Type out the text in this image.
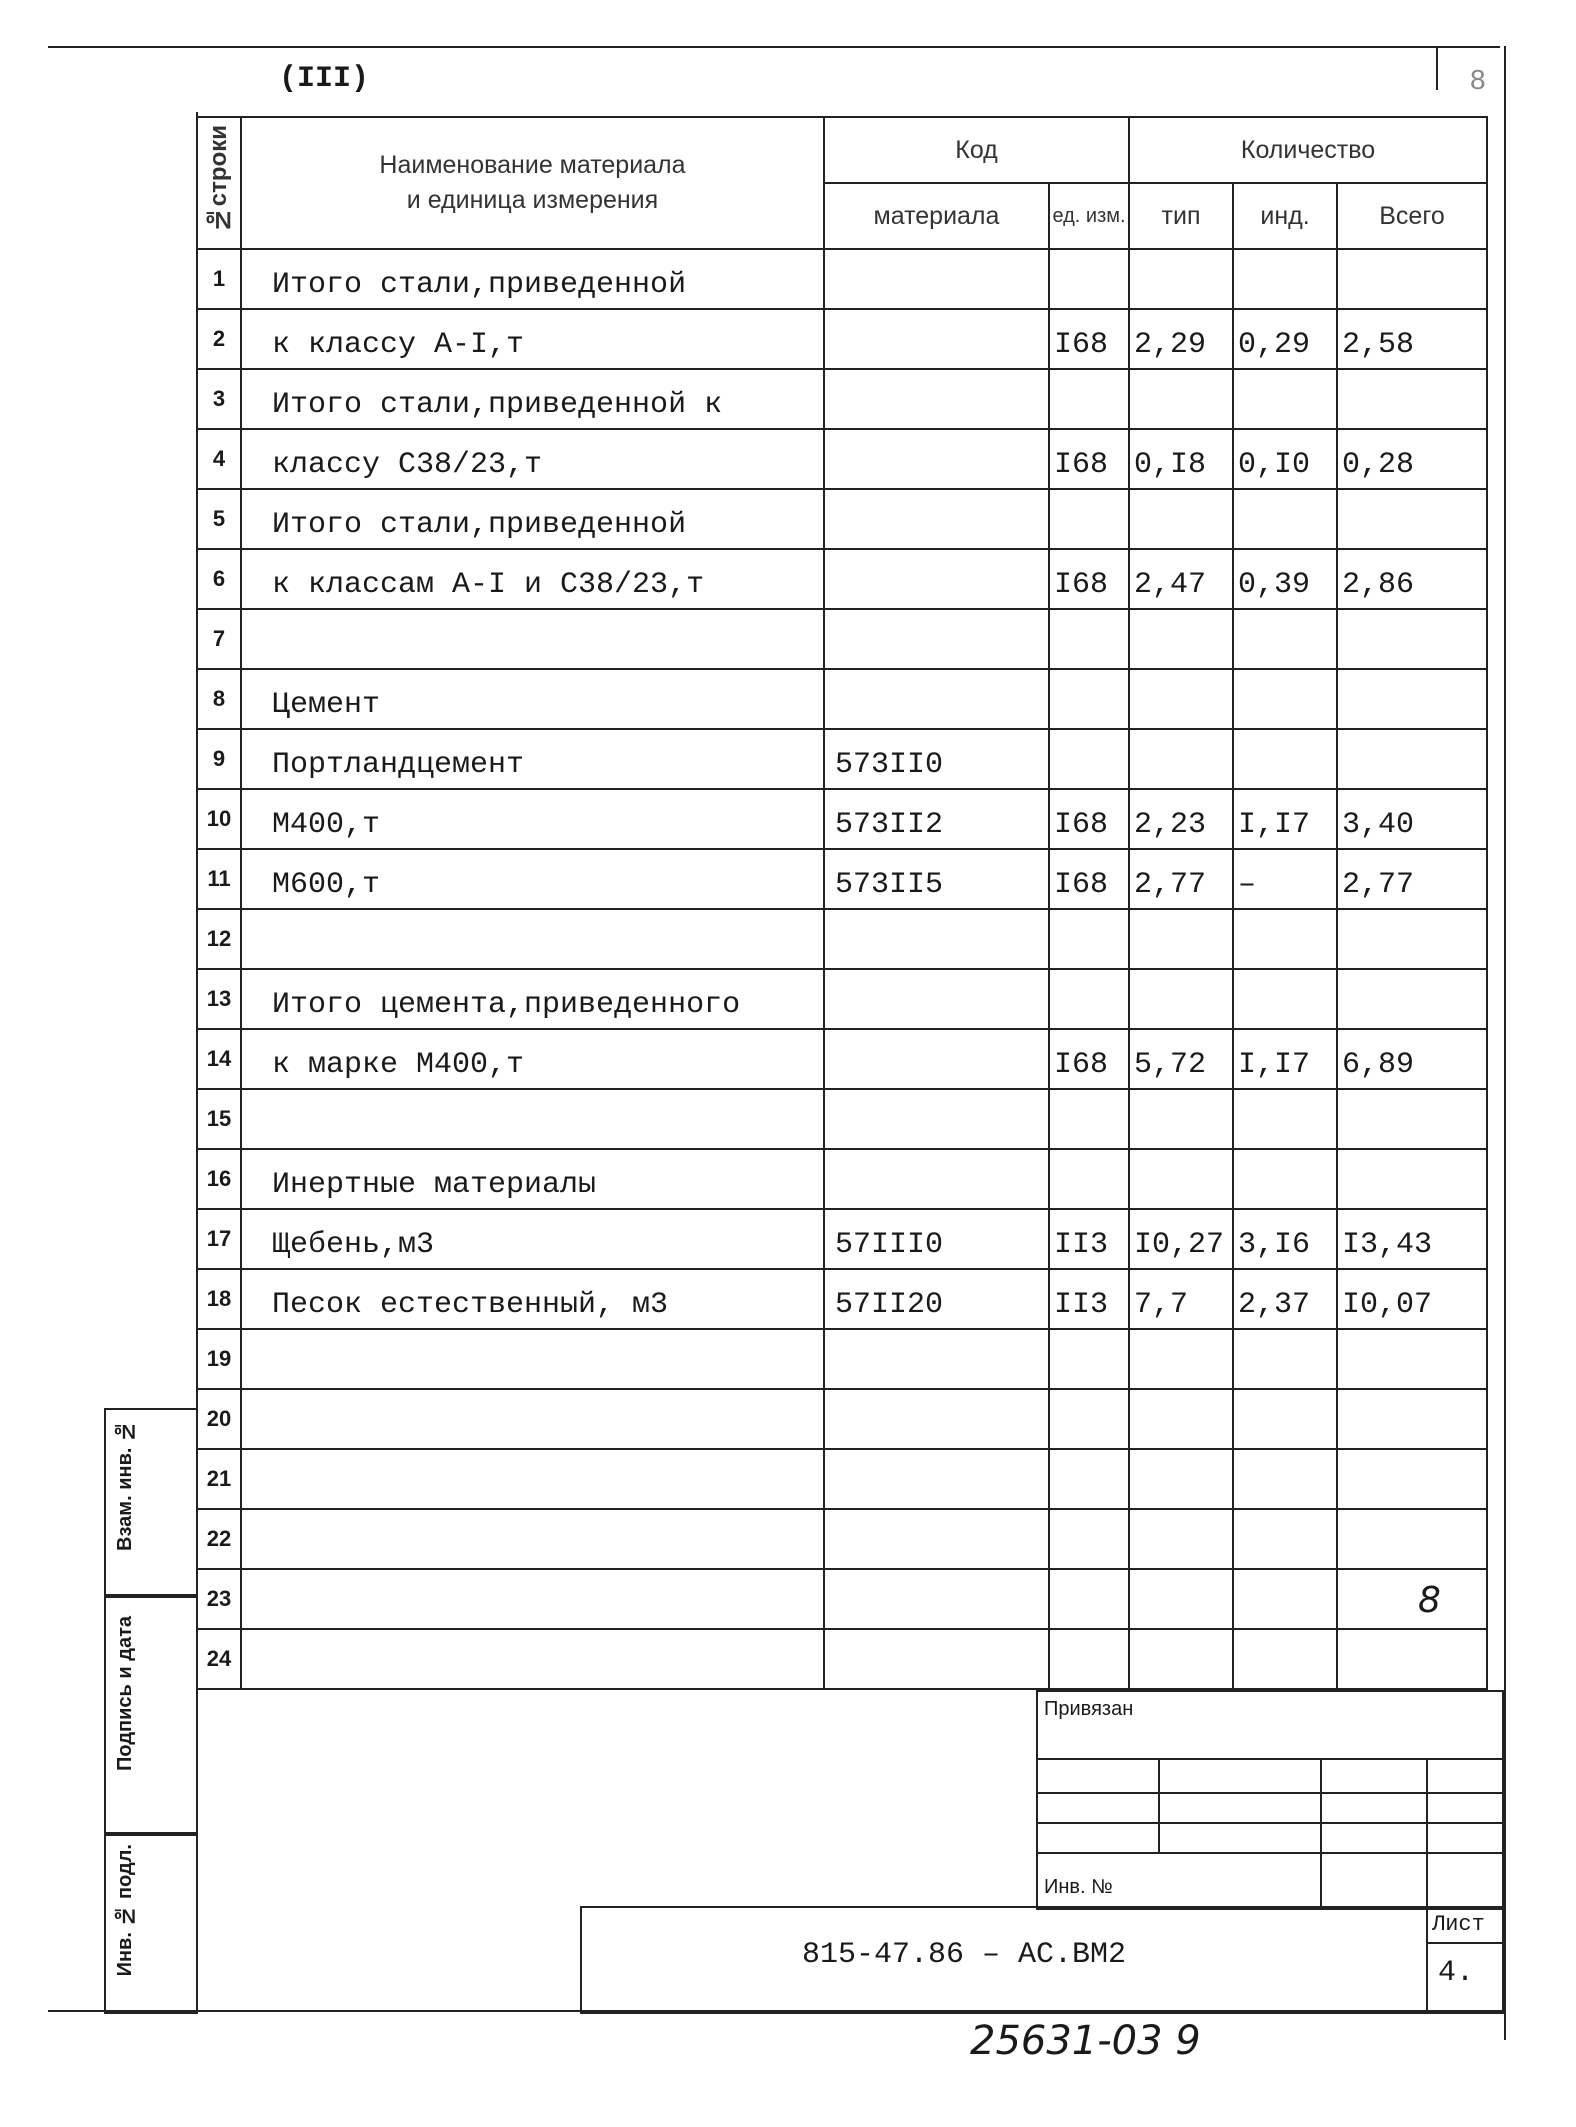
(III)	8
№строки	Наименование материала
и единица измерения	Код		Количество		
		материала	ед. изм.	тип	инд.	Всего
1	Итого стали,приведенной					
2	к классу А-I,т		I68	2,29	0,29	2,58
3	Итого стали,приведенной к					
4	классу С38/23,т		I68	0,I8	0,I0	0,28
5	Итого стали,приведенной					
6	к классам А-I и С38/23,т		I68	2,47	0,39	2,86
7						
8	Цемент					
9	Портландцемент	573II0				
10	М400,т	573II2	I68	2,23	I,I7	3,40
11	М600,т	573II5	I68	2,77	–	2,77
12						
13	Итого цемента,приведенного					
14	к марке М400,т		I68	5,72	I,I7	6,89
15						
16	Инертные материалы					
17	Щебень,м3	57III0	II3	I0,27	3,I6	I3,43
18	Песок естественный, м3	57II20	II3	7,7	2,37	I0,07
19						
20						
21						
22						
23						
24						
Взам. инв. №
Подпись и дата
Инв. № подл.
8
Привязан
Инв. №
815-47.86 – АС.ВМ2
Лист
4.
25631-03 9
